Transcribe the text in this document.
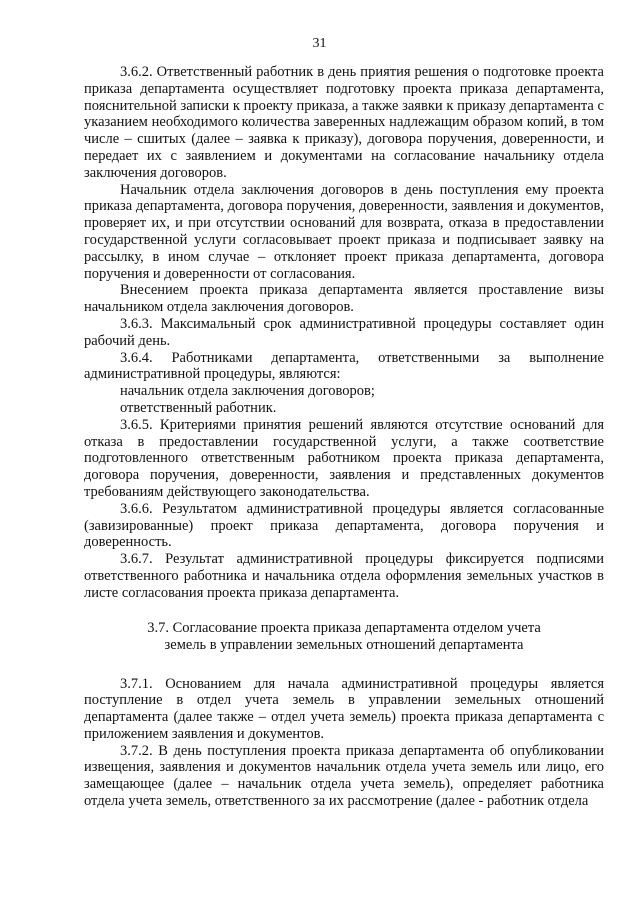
31

3.6.2. Ответственный работник в день приятия решения о подготовке проекта приказа департамента осуществляет подготовку проекта приказа департамента, пояснительной записки к проекту приказа, а также заявки к приказу департамента с указанием необходимого количества заверенных надлежащим образом копий, в том числе – сшитых (далее – заявка к приказу), договора поручения, доверенности, и передает их с заявлением и документами на согласование начальнику отдела заключения договоров.

Начальник отдела заключения договоров в день поступления ему проекта приказа департамента, договора поручения, доверенности, заявления и документов, проверяет их, и при отсутствии оснований для возврата, отказа в предоставлении государственной услуги согласовывает проект приказа и подписывает заявку на рассылку, в ином случае – отклоняет проект приказа департамента, договора поручения и доверенности от согласования.

Внесением проекта приказа департамента является проставление визы начальником отдела заключения договоров.

3.6.3. Максимальный срок административной процедуры составляет один рабочий день.

3.6.4. Работниками департамента, ответственными за выполнение административной процедуры, являются:

начальник отдела заключения договоров;

ответственный работник.

3.6.5. Критериями принятия решений являются отсутствие оснований для отказа в предоставлении государственной услуги, а также соответствие подготовленного ответственным работником проекта приказа департамента, договора поручения, доверенности, заявления и представленных документов требованиям действующего законодательства.

3.6.6. Результатом административной процедуры является согласованные (завизированные) проект приказа департамента, договора поручения и доверенность.

3.6.7. Результат административной процедуры фиксируется подписями ответственного работника и начальника отдела оформления земельных участков в листе согласования проекта приказа департамента.

3.7. Согласование проекта приказа департамента отделом учета
земель в управлении земельных отношений департамента

3.7.1. Основанием для начала административной процедуры является поступление в отдел учета земель в управлении земельных отношений департамента (далее также – отдел учета земель) проекта приказа департамента с приложением заявления и документов.

3.7.2. В день поступления проекта приказа департамента об опубликовании извещения, заявления и документов начальник отдела учета земель или лицо, его замещающее (далее – начальник отдела учета земель), определяет работника отдела учета земель, ответственного за их рассмотрение (далее - работник отдела
